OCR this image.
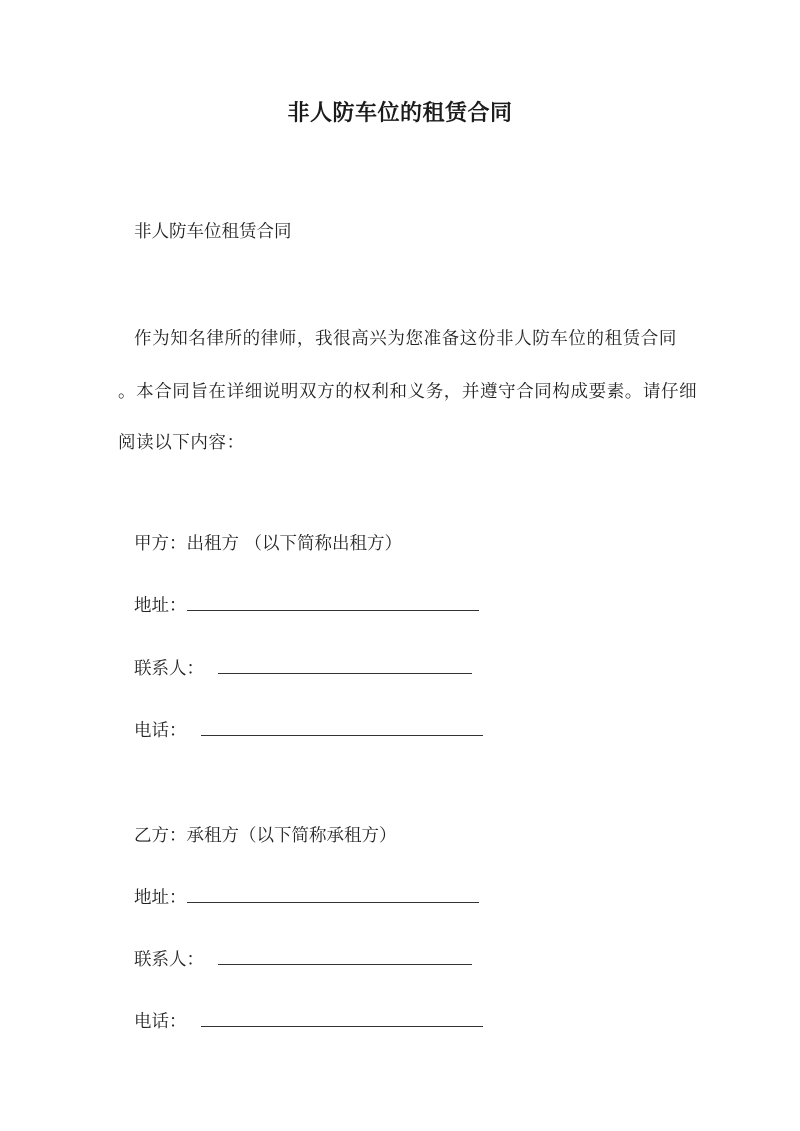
非人防车位的租赁合同
非人防车位租赁合同
作为知名律所的律师，我很高兴为您准备这份非人防车位的租赁合同
。本合同旨在详细说明双方的权利和义务，并遵守合同构成要素。请仔细
阅读以下内容：
甲方：出租方 （以下简称出租方）
地址：
联系人：
电话：
乙方：承租方（以下简称承租方）
地址：
联系人：
电话：
